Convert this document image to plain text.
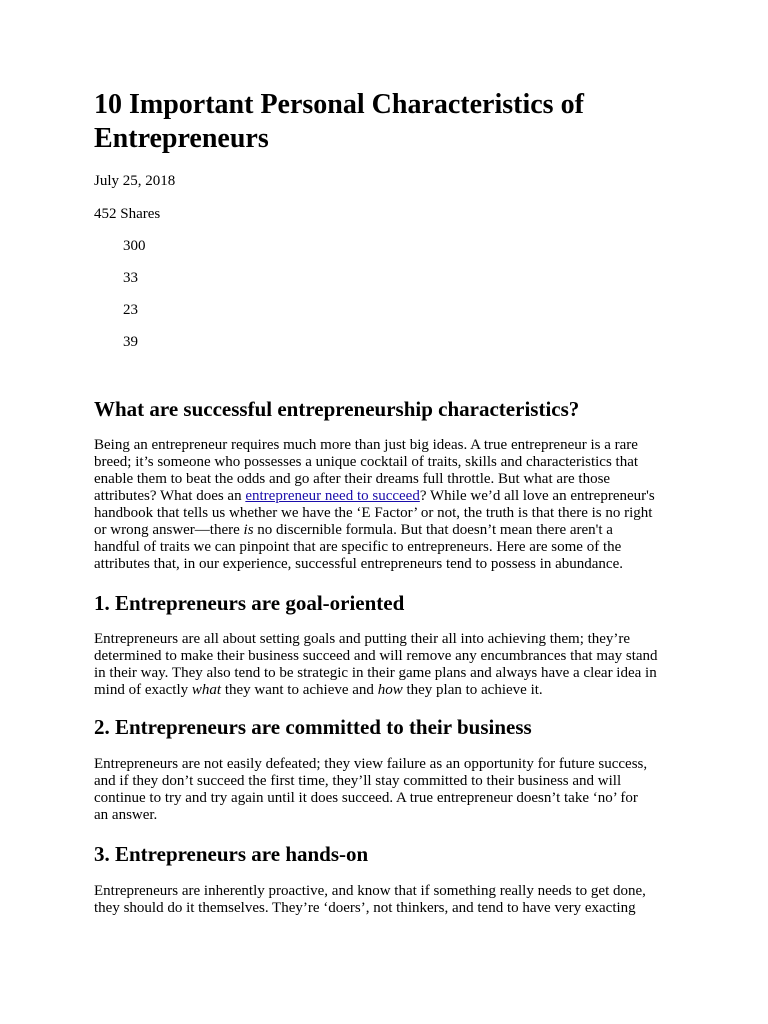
10 Important Personal Characteristics of Entrepreneurs

July 25, 2018

452 Shares

300

33

23

39

What are successful entrepreneurship characteristics?
Being an entrepreneur requires much more than just big ideas. A true entrepreneur is a rare
breed; it’s someone who possesses a unique cocktail of traits, skills and characteristics that
enable them to beat the odds and go after their dreams full throttle. But what are those
attributes? What does an entrepreneur need to succeed? While we’d all love an entrepreneur's
handbook that tells us whether we have the ‘E Factor’ or not, the truth is that there is no right
or wrong answer—there is no discernible formula. But that doesn’t mean there aren't a
handful of traits we can pinpoint that are specific to entrepreneurs. Here are some of the
attributes that, in our experience, successful entrepreneurs tend to possess in abundance.
1. Entrepreneurs are goal-oriented
Entrepreneurs are all about setting goals and putting their all into achieving them; they’re
determined to make their business succeed and will remove any encumbrances that may stand
in their way. They also tend to be strategic in their game plans and always have a clear idea in
mind of exactly what they want to achieve and how they plan to achieve it.
2. Entrepreneurs are committed to their business
Entrepreneurs are not easily defeated; they view failure as an opportunity for future success,
and if they don’t succeed the first time, they’ll stay committed to their business and will
continue to try and try again until it does succeed. A true entrepreneur doesn’t take ‘no’ for
an answer.
3. Entrepreneurs are hands-on
Entrepreneurs are inherently proactive, and know that if something really needs to get done,
they should do it themselves. They’re ‘doers’, not thinkers, and tend to have very exacting
